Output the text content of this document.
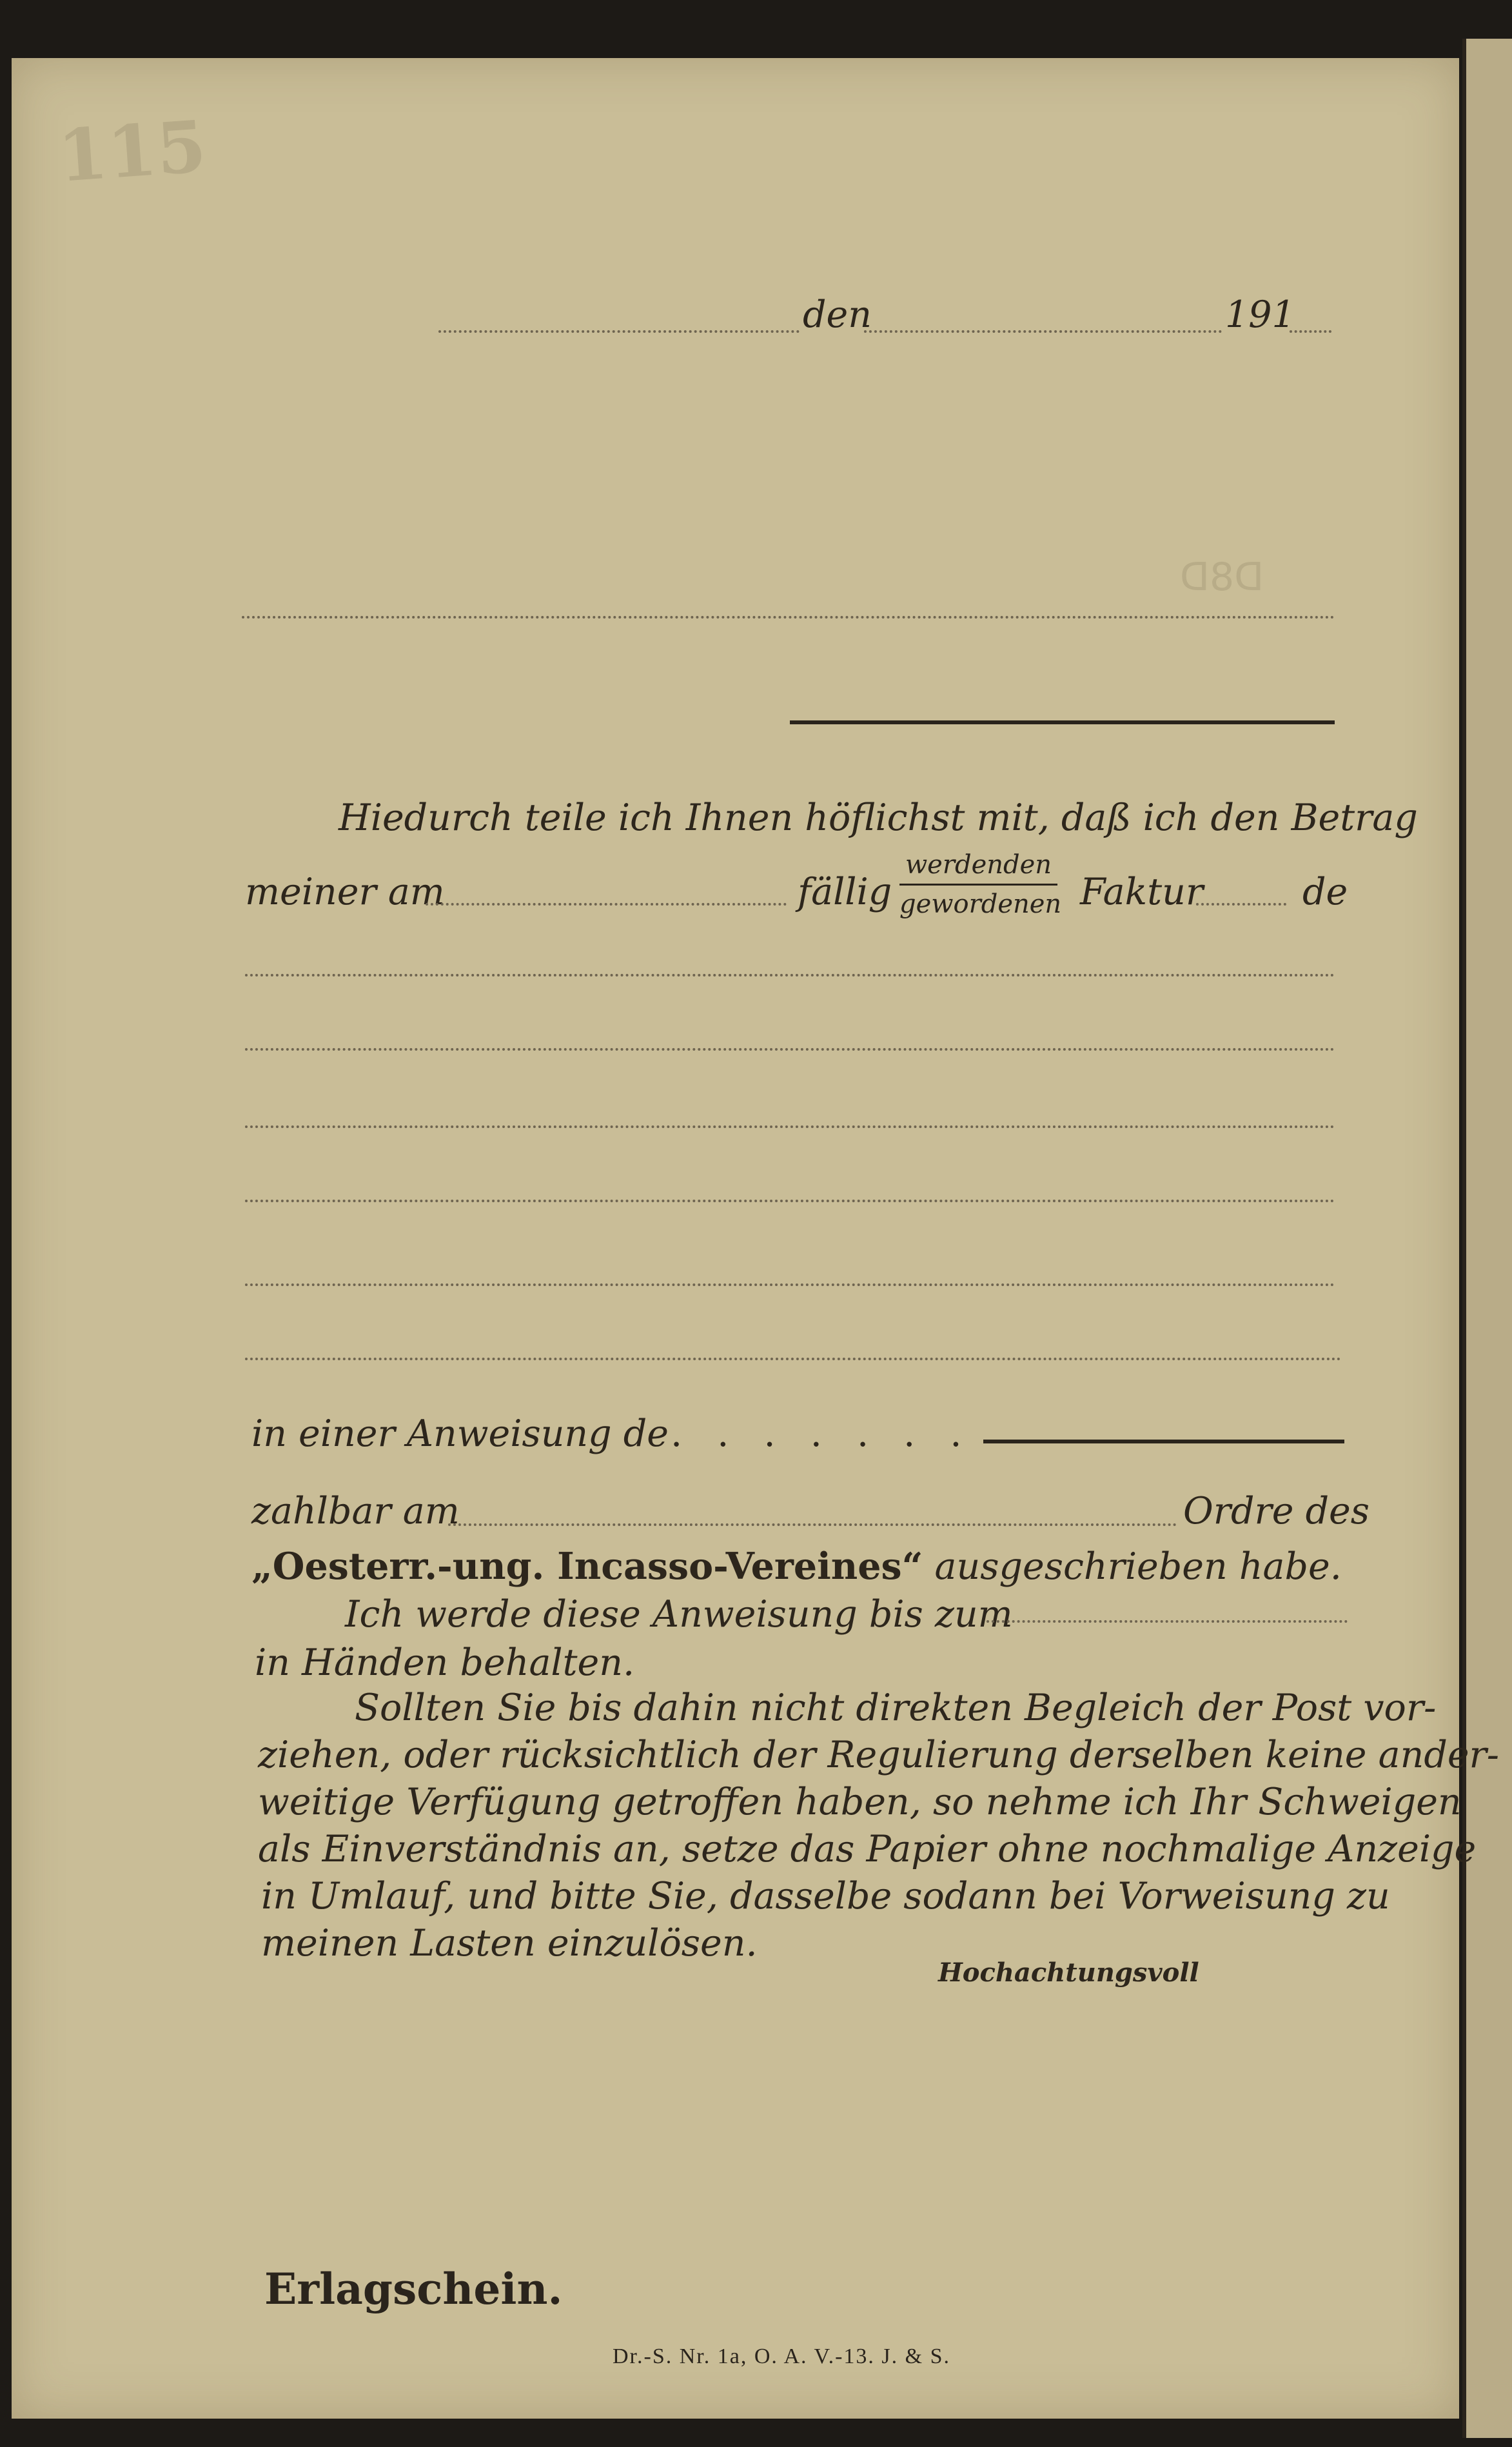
115
ꓷ8ꓷ
den	191
Hiedurch teile ich Ihnen höflichst mit, daß ich den Betrag
meiner am	fällig
werdenden
gewordenen Faktur	de
in einer Anweisung de . . . . . . .
zahlbar am	Ordre des
„Oesterr.-ung. Incasso-Vereines“ ausgeschrieben habe.
Ich werde diese Anweisung bis zum
in Händen behalten.
Sollten Sie bis dahin nicht direkten Begleich der Post vor-
ziehen, oder rücksichtlich der Regulierung derselben keine ander-
weitige Verfügung getroffen haben, so nehme ich Ihr Schweigen
als Einverständnis an, setze das Papier ohne nochmalige Anzeige
in Umlauf, und bitte Sie, dasselbe sodann bei Vorweisung zu
meinen Lasten einzulösen.
Hochachtungsvoll
Erlagschein.
Dr.-S. Nr. 1a, O. A. V.-13. J. & S.
